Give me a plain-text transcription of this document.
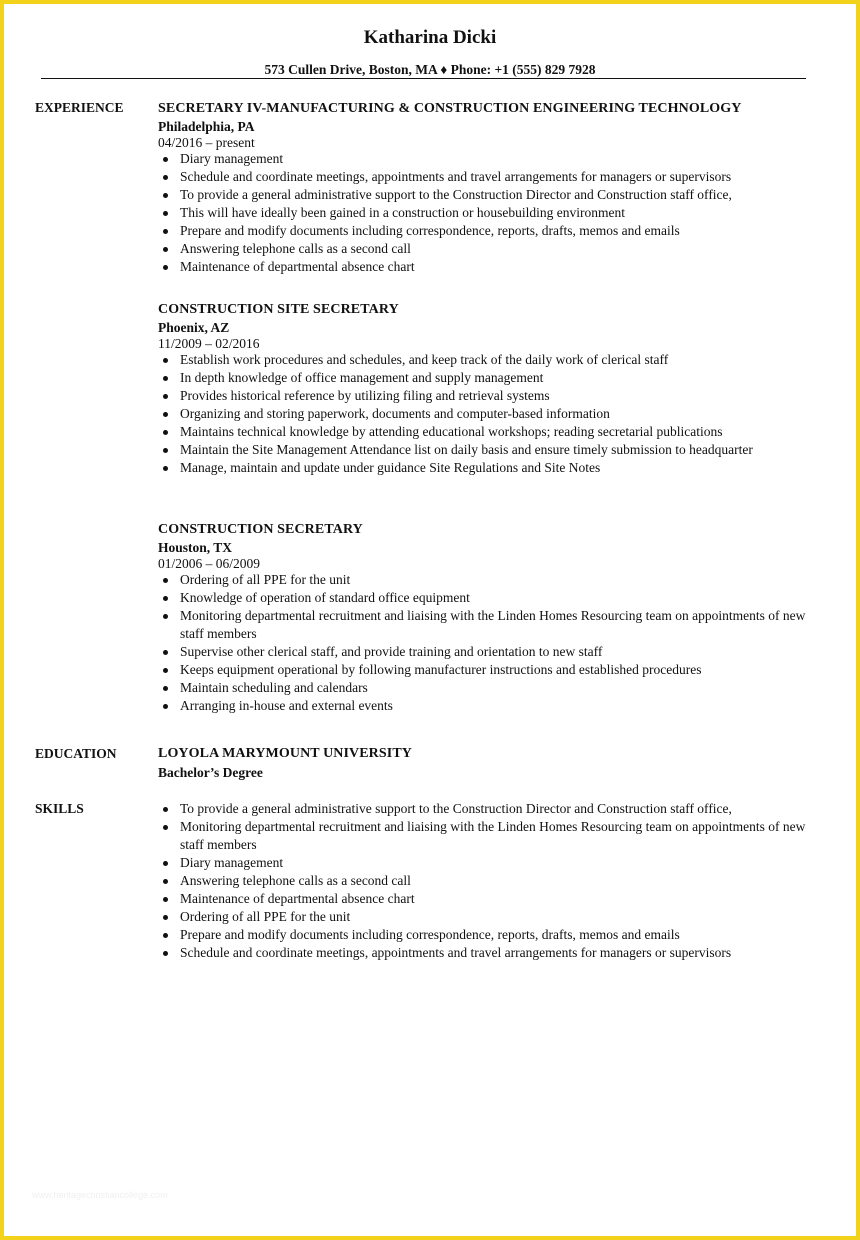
Katharina Dicki
573 Cullen Drive, Boston, MA ♦ Phone: +1 (555) 829 7928
EXPERIENCE SECRETARY IV-MANUFACTURING & CONSTRUCTION ENGINEERING TECHNOLOGY
Philadelphia, PA
04/2016 – present
Diary management
Schedule and coordinate meetings, appointments and travel arrangements for managers or supervisors
To provide a general administrative support to the Construction Director and Construction staff office,
This will have ideally been gained in a construction or housebuilding environment
Prepare and modify documents including correspondence, reports, drafts, memos and emails
Answering telephone calls as a second call
Maintenance of departmental absence chart
CONSTRUCTION SITE SECRETARY
Phoenix, AZ
11/2009 – 02/2016
Establish work procedures and schedules, and keep track of the daily work of clerical staff
In depth knowledge of office management and supply management
Provides historical reference by utilizing filing and retrieval systems
Organizing and storing paperwork, documents and computer-based information
Maintains technical knowledge by attending educational workshops; reading secretarial publications
Maintain the Site Management Attendance list on daily basis and ensure timely submission to headquarter
Manage, maintain and update under guidance Site Regulations and Site Notes
CONSTRUCTION SECRETARY
Houston, TX
01/2006 – 06/2009
Ordering of all PPE for the unit
Knowledge of operation of standard office equipment
Monitoring departmental recruitment and liaising with the Linden Homes Resourcing team on appointments of new staff members
Supervise other clerical staff, and provide training and orientation to new staff
Keeps equipment operational by following manufacturer instructions and established procedures
Maintain scheduling and calendars
Arranging in-house and external events
EDUCATION	LOYOLA MARYMOUNT UNIVERSITY
Bachelor’s Degree
SKILLS	To provide a general administrative support to the Construction Director and Construction staff office,
Monitoring departmental recruitment and liaising with the Linden Homes Resourcing team on appointments of new staff members
Diary management
Answering telephone calls as a second call
Maintenance of departmental absence chart
Ordering of all PPE for the unit
Prepare and modify documents including correspondence, reports, drafts, memos and emails
Schedule and coordinate meetings, appointments and travel arrangements for managers or supervisors
www.heritagechristiancollege.com
